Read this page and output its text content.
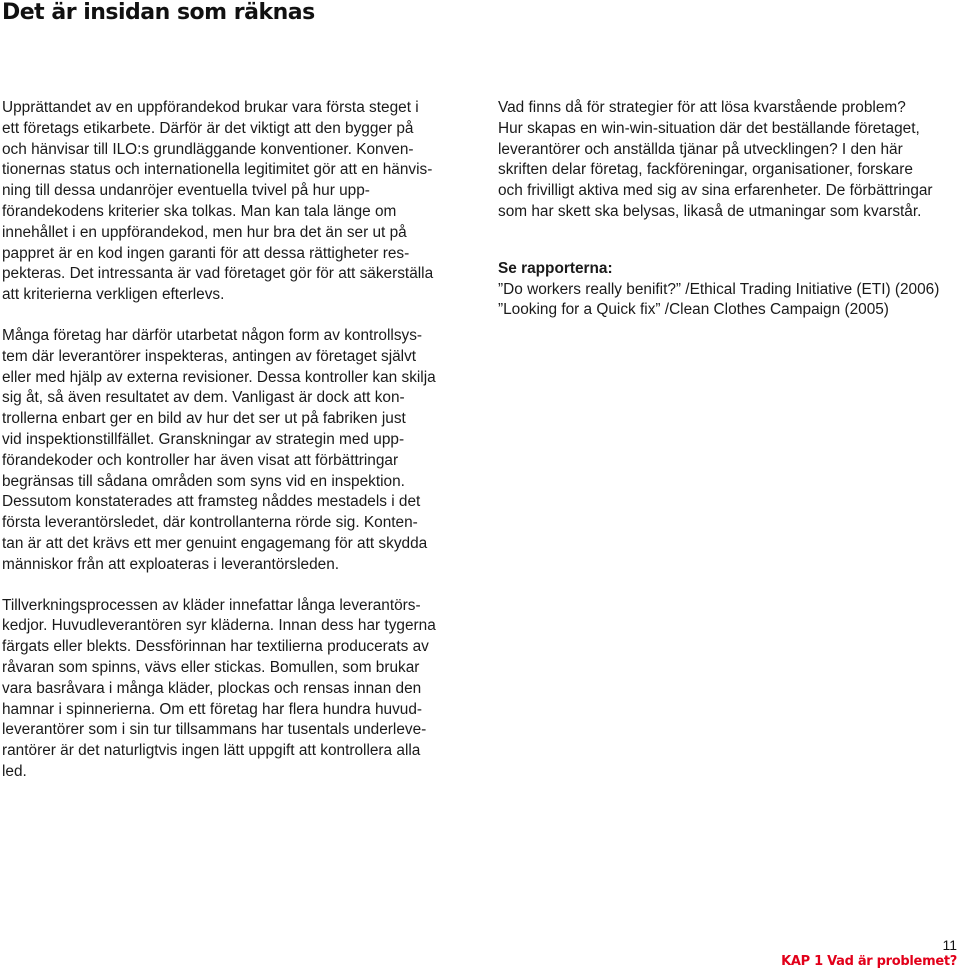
Det är insidan som räknas

Upprättandet av en uppförandekod brukar vara första steget i
ett företags etikarbete. Därför är det viktigt att den bygger på
och hänvisar till ILO:s grundläggande konventioner. Konven-
tionernas status och internationella legitimitet gör att en hänvis-
ning till dessa undanröjer eventuella tvivel på hur upp-
förandekodens kriterier ska tolkas. Man kan tala länge om
innehållet i en uppförandekod, men hur bra det än ser ut på
pappret är en kod ingen garanti för att dessa rättigheter res-
pekteras. Det intressanta är vad företaget gör för att säkerställa
att kriterierna verkligen efterlevs.

Många företag har därför utarbetat någon form av kontrollsys-
tem där leverantörer inspekteras, antingen av företaget självt
eller med hjälp av externa revisioner. Dessa kontroller kan skilja
sig åt, så även resultatet av dem. Vanligast är dock att kon-
trollerna enbart ger en bild av hur det ser ut på fabriken just
vid inspektionstillfället. Granskningar av strategin med upp-
förandekoder och kontroller har även visat att förbättringar
begränsas till sådana områden som syns vid en inspektion.
Dessutom konstaterades att framsteg nåddes mestadels i det
första leverantörsledet, där kontrollanterna rörde sig. Konten-
tan är att det krävs ett mer genuint engagemang för att skydda
människor från att exploateras i leverantörsleden.

Tillverkningsprocessen av kläder innefattar långa leverantörs-
kedjor. Huvudleverantören syr kläderna. Innan dess har tygerna
färgats eller blekts. Dessförinnan har textilierna producerats av
råvaran som spinns, vävs eller stickas. Bomullen, som brukar
vara basråvara i många kläder, plockas och rensas innan den
hamnar i spinnerierna. Om ett företag har flera hundra huvud-
leverantörer som i sin tur tillsammans har tusentals underleve-
rantörer är det naturligtvis ingen lätt uppgift att kontrollera alla
led.

Vad finns då för strategier för att lösa kvarstående problem?
Hur skapas en win-win-situation där det beställande företaget,
leverantörer och anställda tjänar på utvecklingen? I den här
skriften delar företag, fackföreningar, organisationer, forskare
och frivilligt aktiva med sig av sina erfarenheter. De förbättringar
som har skett ska belysas, likaså de utmaningar som kvarstår.

Se rapporterna:
”Do workers really benifit?” /Ethical Trading Initiative (ETI) (2006)
”Looking for a Quick fix” /Clean Clothes Campaign (2005)
11
KAP 1 Vad är problemet?
